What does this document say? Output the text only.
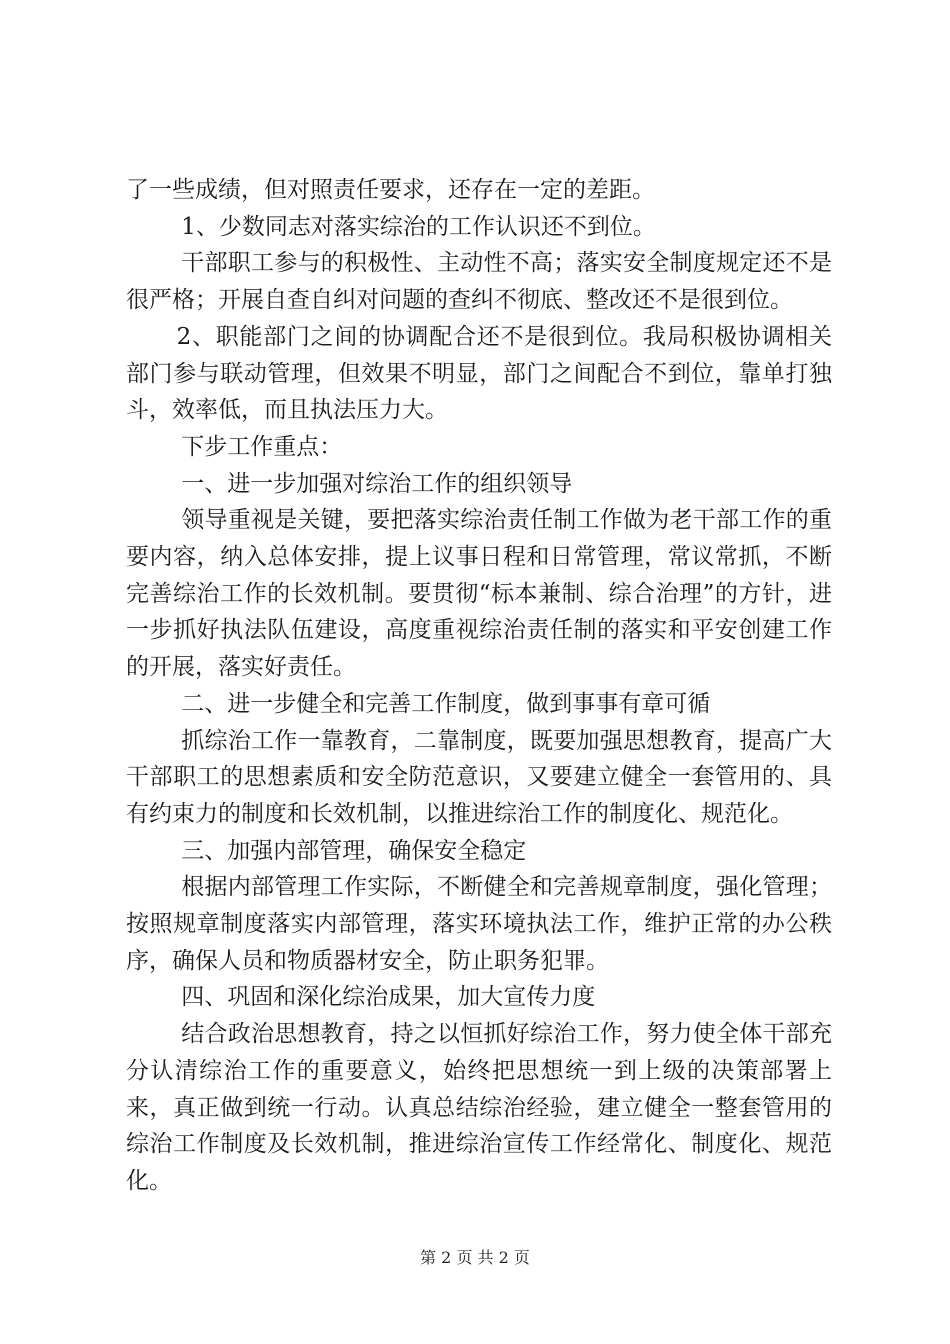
了一些成绩，但对照责任要求，还存在一定的差距。

1、少数同志对落实综治的工作认识还不到位。

干部职工参与的积极性、主动性不高；落实安全制度规定还不是很严格；开展自查自纠对问题的查纠不彻底、整改还不是很到位。

2、职能部门之间的协调配合还不是很到位。我局积极协调相关部门参与联动管理，但效果不明显，部门之间配合不到位，靠单打独斗，效率低，而且执法压力大。

下步工作重点：

一、进一步加强对综治工作的组织领导

领导重视是关键，要把落实综治责任制工作做为老干部工作的重要内容，纳入总体安排，提上议事日程和日常管理，常议常抓，不断完善综治工作的长效机制。要贯彻“标本兼制、综合治理”的方针，进一步抓好执法队伍建设，高度重视综治责任制的落实和平安创建工作的开展，落实好责任。

二、进一步健全和完善工作制度，做到事事有章可循

抓综治工作一靠教育，二靠制度，既要加强思想教育，提高广大干部职工的思想素质和安全防范意识，又要建立健全一套管用的、具有约束力的制度和长效机制，以推进综治工作的制度化、规范化。

三、加强内部管理，确保安全稳定

根据内部管理工作实际，不断健全和完善规章制度，强化管理；按照规章制度落实内部管理，落实环境执法工作，维护正常的办公秩序，确保人员和物质器材安全，防止职务犯罪。

四、巩固和深化综治成果，加大宣传力度

结合政治思想教育，持之以恒抓好综治工作，努力使全体干部充分认清综治工作的重要意义，始终把思想统一到上级的决策部署上来，真正做到统一行动。认真总结综治经验，建立健全一整套管用的综治工作制度及长效机制，推进综治宣传工作经常化、制度化、规范化。

第 2 页 共 2 页
